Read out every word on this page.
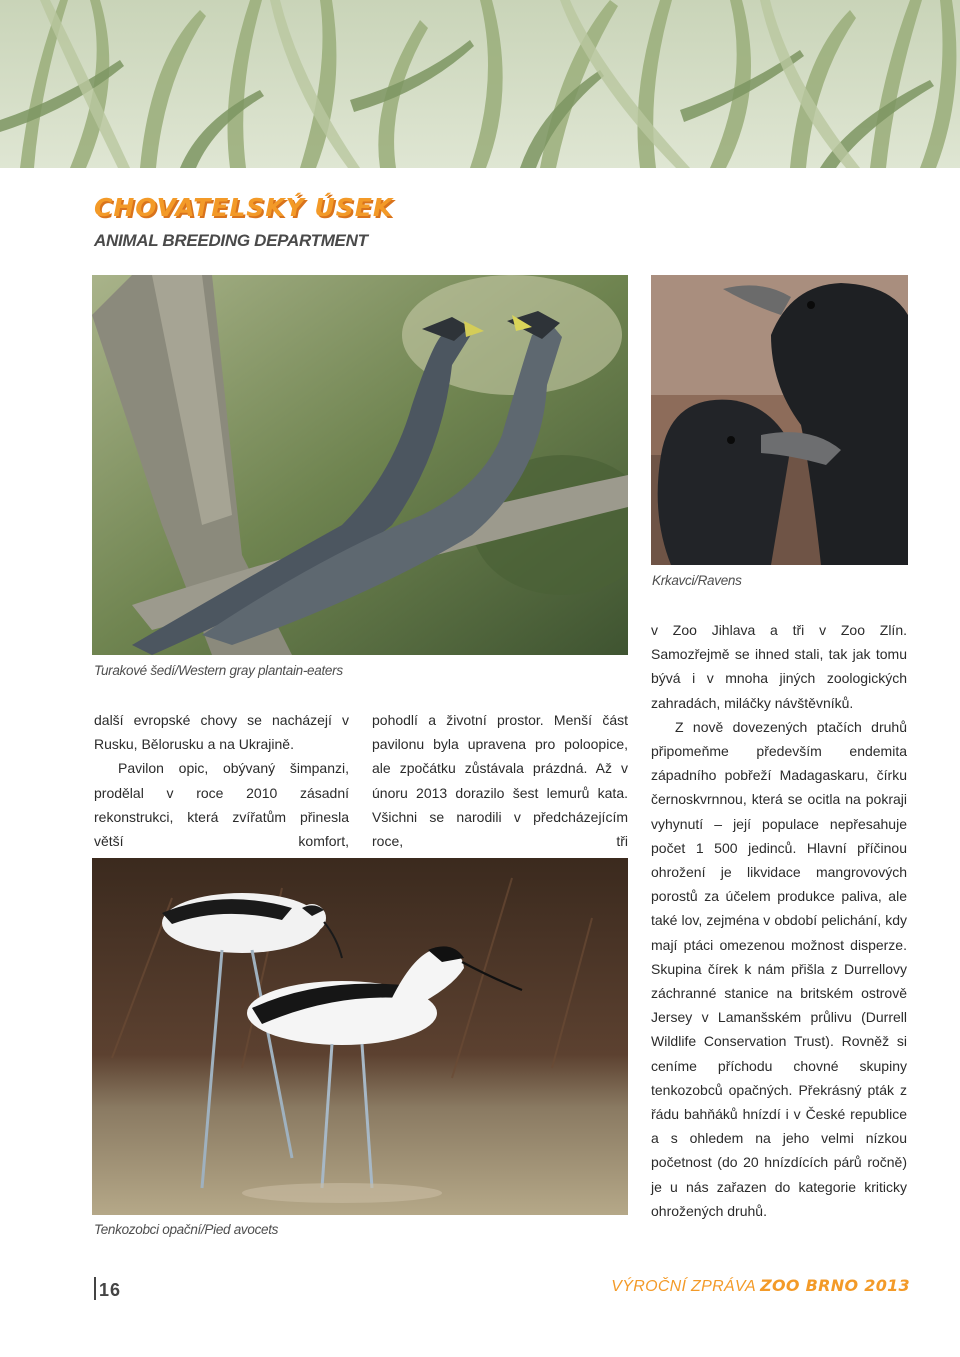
CHOVATELSKÝ ÚSEK
ANIMAL BREEDING DEPARTMENT

Turakové šedí/Western gray plantain-eaters

Krkavci/Ravens

Tenkozobci opační/Pied avocets

další evropské chovy se nacházejí v Rusku, Bělorusku a na Ukrajině.

Pavilon opic, obývaný šimpanzi, prodělal v roce 2010 zásadní rekonstrukci, která zvířatům přinesla větší komfort,

pohodlí a životní prostor. Menší část pavilonu byla upravena pro poloopice, ale zpočátku zůstávala prázdná. Až v únoru 2013 dorazilo šest lemurů kata. Všichni se narodili v předcházejícím roce, tři

v Zoo Jihlava a tři v Zoo Zlín. Samozřejmě se ihned stali, tak jak tomu bývá i v mnoha jiných zoologických zahradách, miláčky návštěvníků.

Z nově dovezených ptačích druhů připomeňme především endemita západního pobřeží Madagaskaru, čírku černoskvrnnou, která se ocitla na pokraji vyhynutí – její populace nepřesahuje počet 1 500 jedinců. Hlavní příčinou ohrožení je likvidace mangrovových porostů za účelem produkce paliva, ale také lov, zejména v období pelichání, kdy mají ptáci omezenou možnost disperze. Skupina čírek k nám přišla z Durrellovy záchranné stanice na britském ostrově Jersey v Lamanšském průlivu (Durrell Wildlife Conservation Trust). Rovněž si ceníme příchodu chovné skupiny tenkozobců opačných. Překrásný pták z řádu bahňáků hnízdí i v České republice a s ohledem na jeho velmi nízkou početnost (do 20 hnízdících párů ročně) je u nás zařazen do kategorie kriticky ohrožených druhů.

16	VÝROČNÍ ZPRÁVA ZOO BRNO 2013
